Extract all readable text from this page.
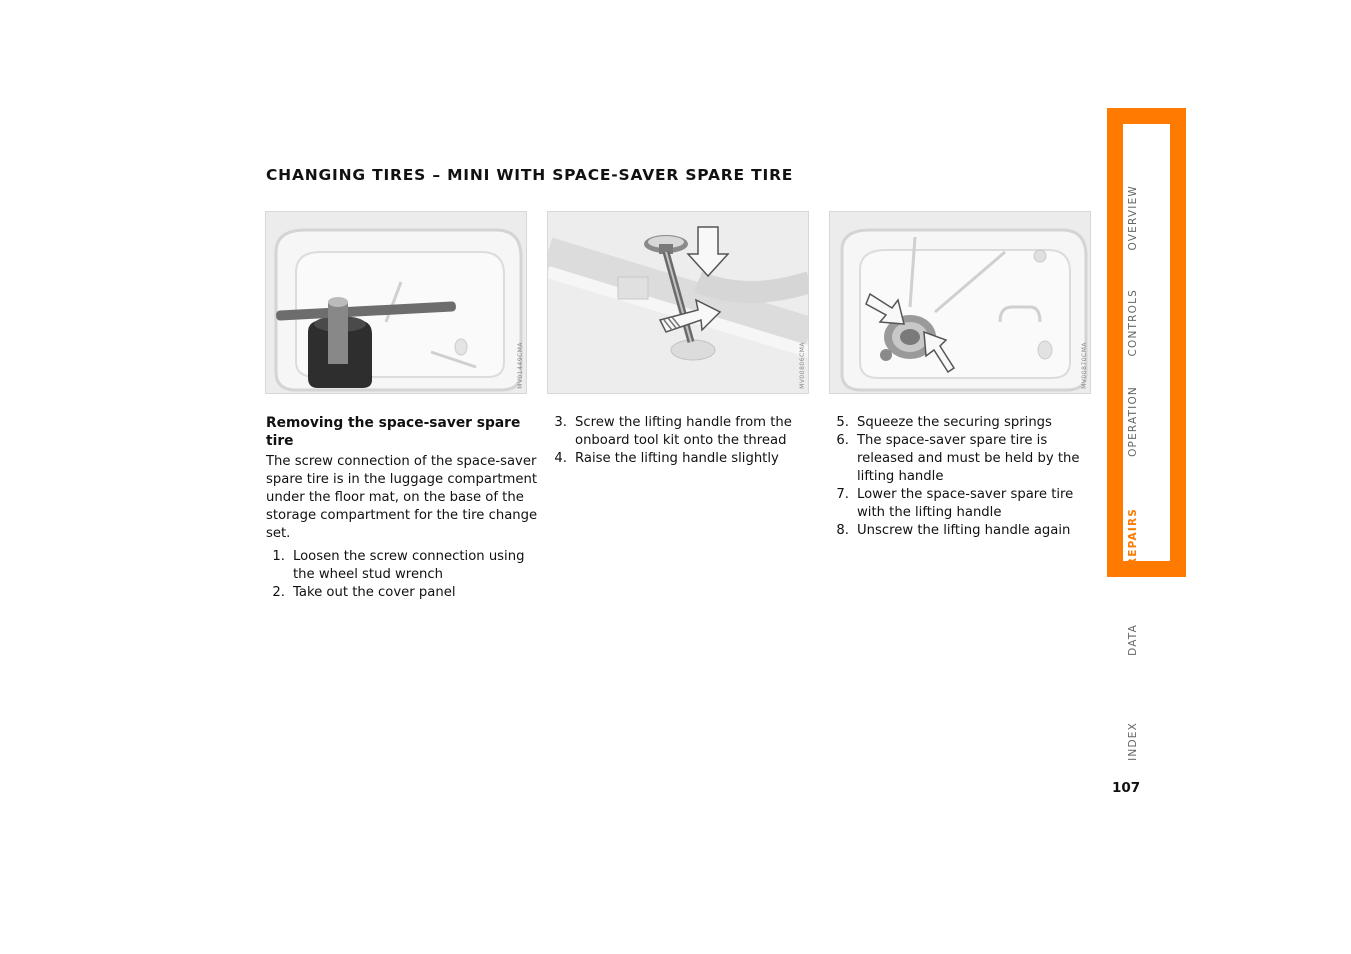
CHANGING TIRES – MINI WITH SPACE-SAVER SPARE TIRE
MV01449CMA	MV00806CMA	MV00870CMA
Removing the space-saver spare tire

The screw connection of the space-saver spare tire is in the luggage compartment under the floor mat, on the base of the storage compartment for the tire change set.

1. Loosen the screw connection using the wheel stud wrench
2. Take out the cover panel
3. Screw the lifting handle from the onboard tool kit onto the thread
4. Raise the lifting handle slightly
5. Squeeze the securing springs
6. The space-saver spare tire is released and must be held by the lifting handle
7. Lower the space-saver spare tire with the lifting handle
8. Unscrew the lifting handle again
OVERVIEW
CONTROLS
OPERATION
REPAIRS
DATA
INDEX
107
